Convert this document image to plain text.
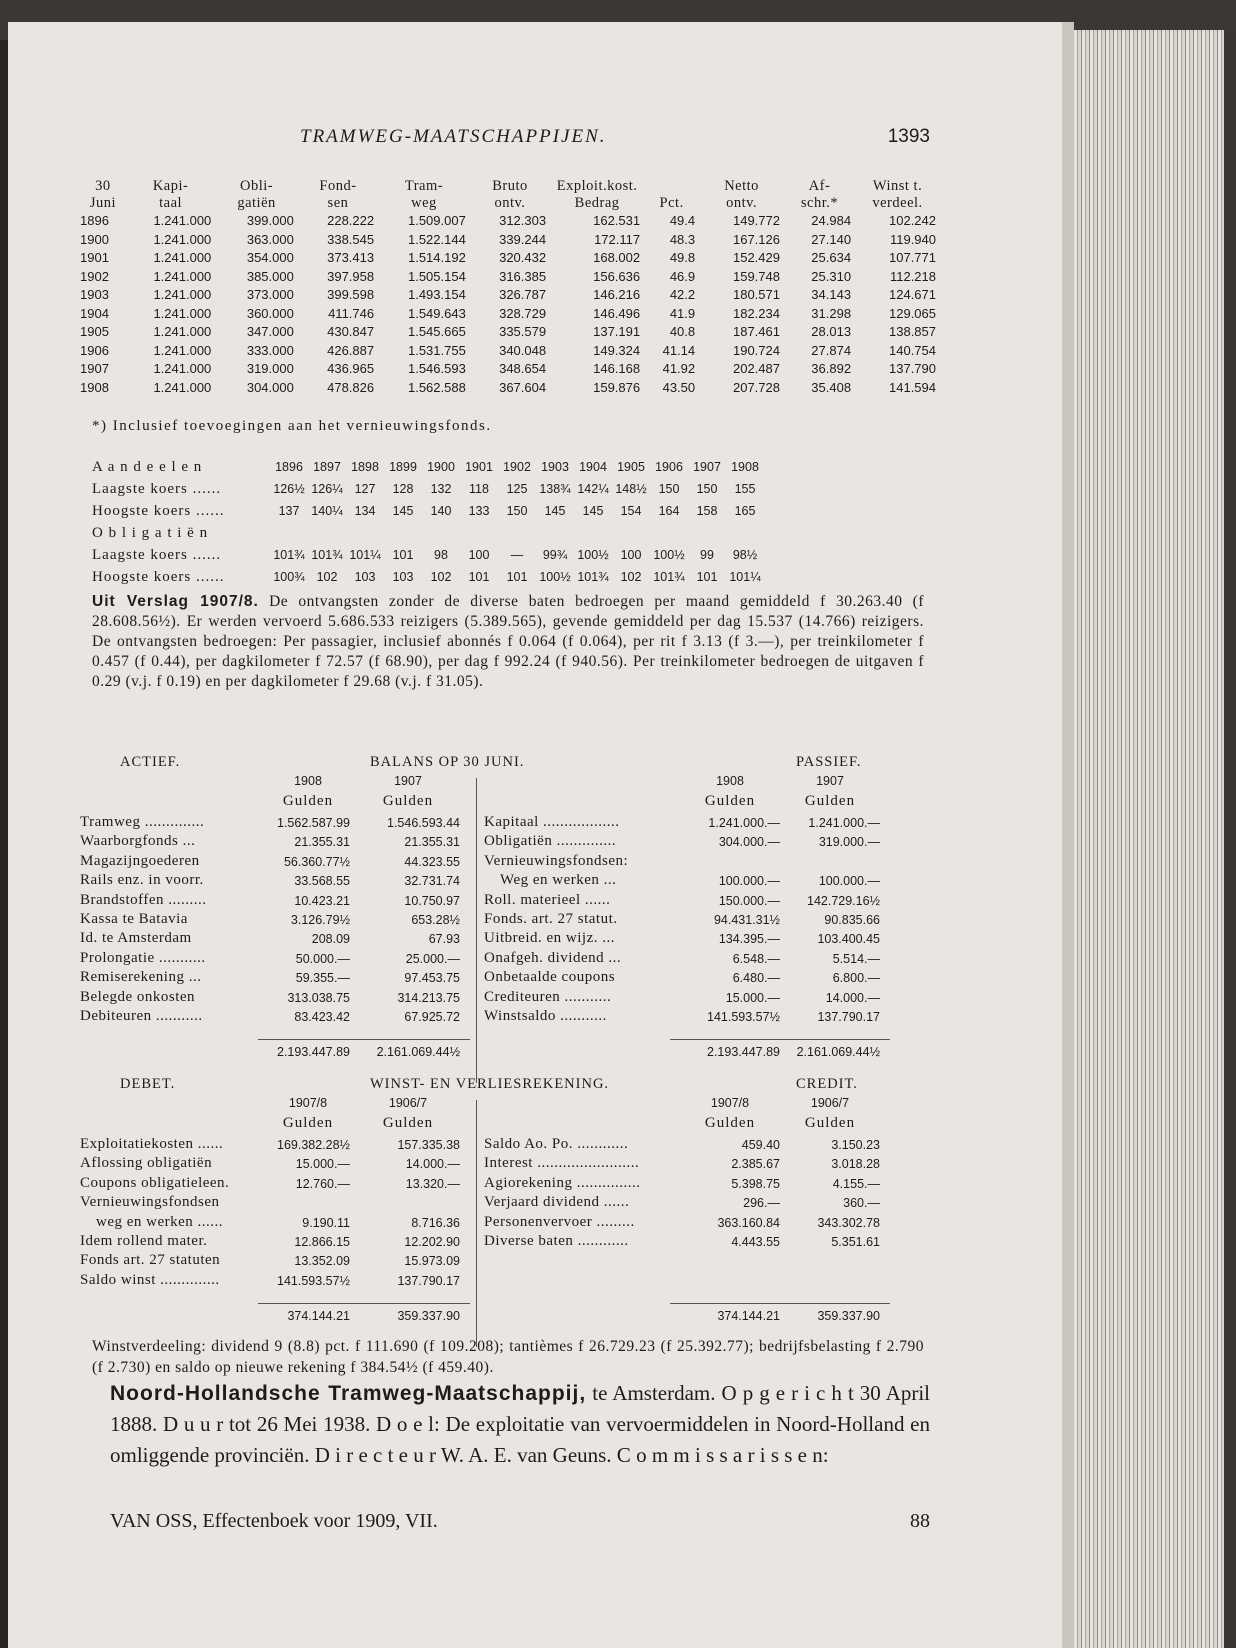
TRAMWEG-MAATSCHAPPIJEN.	1393
30	Kapi-	Obli-	Fond-	Tram-	Bruto	Exploit.kost.		Netto	Af-	Winst t.
Juni	taal	gatiën	sen	weg	ontv.	Bedrag	Pct.	ontv.	schr.*	verdeel.
1896	1.241.000	399.000	228.222	1.509.007	312.303	162.531	49.4	149.772	24.984	102.242
1900	1.241.000	363.000	338.545	1.522.144	339.244	172.117	48.3	167.126	27.140	119.940
1901	1.241.000	354.000	373.413	1.514.192	320.432	168.002	49.8	152.429	25.634	107.771
1902	1.241.000	385.000	397.958	1.505.154	316.385	156.636	46.9	159.748	25.310	112.218
1903	1.241.000	373.000	399.598	1.493.154	326.787	146.216	42.2	180.571	34.143	124.671
1904	1.241.000	360.000	411.746	1.549.643	328.729	146.496	41.9	182.234	31.298	129.065
1905	1.241.000	347.000	430.847	1.545.665	335.579	137.191	40.8	187.461	28.013	138.857
1906	1.241.000	333.000	426.887	1.531.755	340.048	149.324	41.14	190.724	27.874	140.754
1907	1.241.000	319.000	436.965	1.546.593	348.654	146.168	41.92	202.487	36.892	137.790
1908	1.241.000	304.000	478.826	1.562.588	367.604	159.876	43.50	207.728	35.408	141.594
*) Inclusief toevoegingen aan het vernieuwingsfonds.
A a n d e e l e n	1896	1897	1898	1899	1900	1901	1902	1903	1904	1905	1906	1907	1908
Laagste koers ......	126½	126¼	127	128	132	118	125	138¾	142¼	148½	150	150	155
Hoogste koers ......	137	140¼	134	145	140	133	150	145	145	154	164	158	165
O b l i g a t i ë n													
Laagste koers ......	101¾	101¾	101¼	101	98	100	—	99¾	100½	100	100½	99	98½
Hoogste koers ......	100¾	102	103	103	102	101	101	100½	101¾	102	101¾	101	101¼
Uit Verslag 1907/8. De ontvangsten zonder de diverse baten bedroegen per maand gemiddeld f 30.263.40 (f 28.608.56½). Er werden vervoerd 5.686.533 reizigers (5.389.565), gevende gemiddeld per dag 15.537 (14.766) reizigers. De ontvangsten bedroegen: Per passagier, inclusief abonnés f 0.064 (f 0.064), per rit f 3.13 (f 3.—), per treinkilometer f 0.457 (f 0.44), per dagkilometer f 72.57 (f 68.90), per dag f 992.24 (f 940.56). Per treinkilometer bedroegen de uitgaven f 0.29 (v.j. f 0.19) en per dagkilometer f 29.68 (v.j. f 31.05).
ACTIEF.	BALANS OP 30 JUNI.	PASSIEF.
1908
Gulden
1907
Gulden
1908
Gulden
1907
Gulden
Tramweg ..............	1.562.587.99	1.546.593.44
Waarborgfonds ...	21.355.31	21.355.31
Magazijngoederen	56.360.77½	44.323.55
Rails enz. in voorr.	33.568.55	32.731.74
Brandstoffen .........	10.423.21	10.750.97
Kassa te Batavia	3.126.79½	653.28½
Id. te Amsterdam	208.09	67.93
Prolongatie ...........	50.000.—	25.000.—
Remiserekening ...	59.355.—	97.453.75
Belegde onkosten	313.038.75	314.213.75
Debiteuren ...........	83.423.42	67.925.72
Kapitaal ..................	1.241.000.— 1.241.000.—
Obligatiën ..............	304.000.—	319.000.—
Vernieuwingsfondsen:
Weg en werken ...	100.000.—	100.000.—
Roll. materieel ......	150.000.— 142.729.16½
Fonds. art. 27 statut.	94.431.31½	90.835.66
Uitbreid. en wijz. ...	134.395.—	103.400.45
Onafgeh. dividend ...	6.548.—	5.514.—
Onbetaalde coupons	6.480.—	6.800.—
Crediteuren ...........	15.000.—	14.000.—
Winstsaldo ...........	141.593.57½	137.790.17
2.193.447.89 2.161.069.44½	2.193.447.89 2.161.069.44½
DEBET.	WINST- EN VERLIESREKENING.	CREDIT.
1907/8
Gulden
1906/7
Gulden
1907/8
Gulden
1906/7
Gulden
Exploitatiekosten ......	169.382.28½	157.335.38
Aflossing obligatiën	15.000.—	14.000.—
Coupons obligatieleen.	12.760.—	13.320.—
Vernieuwingsfondsen
weg en werken ......	9.190.11	8.716.36
Idem rollend mater.	12.866.15	12.202.90
Fonds art. 27 statuten	13.352.09	15.973.09
Saldo winst ..............	141.593.57½	137.790.17
Saldo Ao. Po. ............	459.40	3.150.23
Interest ........................	2.385.67	3.018.28
Agiorekening ...............	5.398.75	4.155.—
Verjaard dividend ......	296.—	360.—
Personenvervoer .........	363.160.84	343.302.78
Diverse baten ............	4.443.55	5.351.61
374.144.21	359.337.90	374.144.21	359.337.90
Winstverdeeling: dividend 9 (8.8) pct. f 111.690 (f 109.208); tantièmes f 26.729.23 (f 25.392.77); bedrijfsbelasting f 2.790 (f 2.730) en saldo op nieuwe rekening f 384.54½ (f 459.40).
Noord-Hollandsche Tramweg-Maatschappij, te Amsterdam. O p g e r i c h t 30 April 1888. D u u r tot 26 Mei 1938. D o e l: De exploitatie van vervoermiddelen in Noord-Holland en omliggende provinciën. D i r e c t e u r W. A. E. van Geuns. C o m m i s s a r i s s e n:
VAN OSS, Effectenboek voor 1909, VII.	88
